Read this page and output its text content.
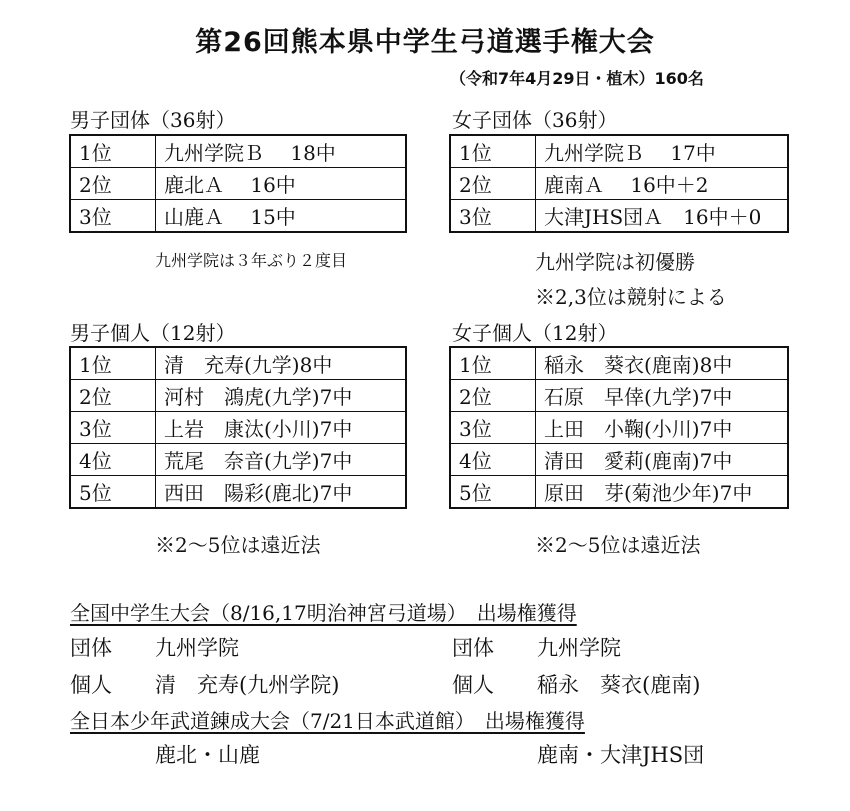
第26回熊本県中学生弓道選手権大会
（令和7年4月29日・植木）160名
男子団体（36射）
1位	九州学院Ｂ　 18中
2位	鹿北Ａ　 16中
3位	山鹿Ａ　 15中
九州学院は３年ぶり２度目
女子団体（36射）
1位	九州学院Ｂ　 17中
2位	鹿南Ａ　 16中＋2
3位	大津JHS団Ａ　16中＋0
九州学院は初優勝
※2,3位は競射による
男子個人（12射）
1位	清　充寿(九学)8中
2位	河村　鴻虎(九学)7中
3位	上岩　康汰(小川)7中
4位	荒尾　奈音(九学)7中
5位	西田　陽彩(鹿北)7中
※2〜5位は遠近法
女子個人（12射）
1位	稲永　葵衣(鹿南)8中
2位	石原　早倖(九学)7中
3位	上田　小鞠(小川)7中
4位	清田　愛莉(鹿南)7中
5位	原田　芽(菊池少年)7中
※2〜5位は遠近法
全国中学生大会（8/16,17明治神宮弓道場）　出場権獲得
団体 九州学院	団体 九州学院
個人 清　充寿(九州学院)	個人 稲永　葵衣(鹿南)
全日本少年武道錬成大会（7/21日本武道館）　出場権獲得
鹿北・山鹿	鹿南・大津JHS団
